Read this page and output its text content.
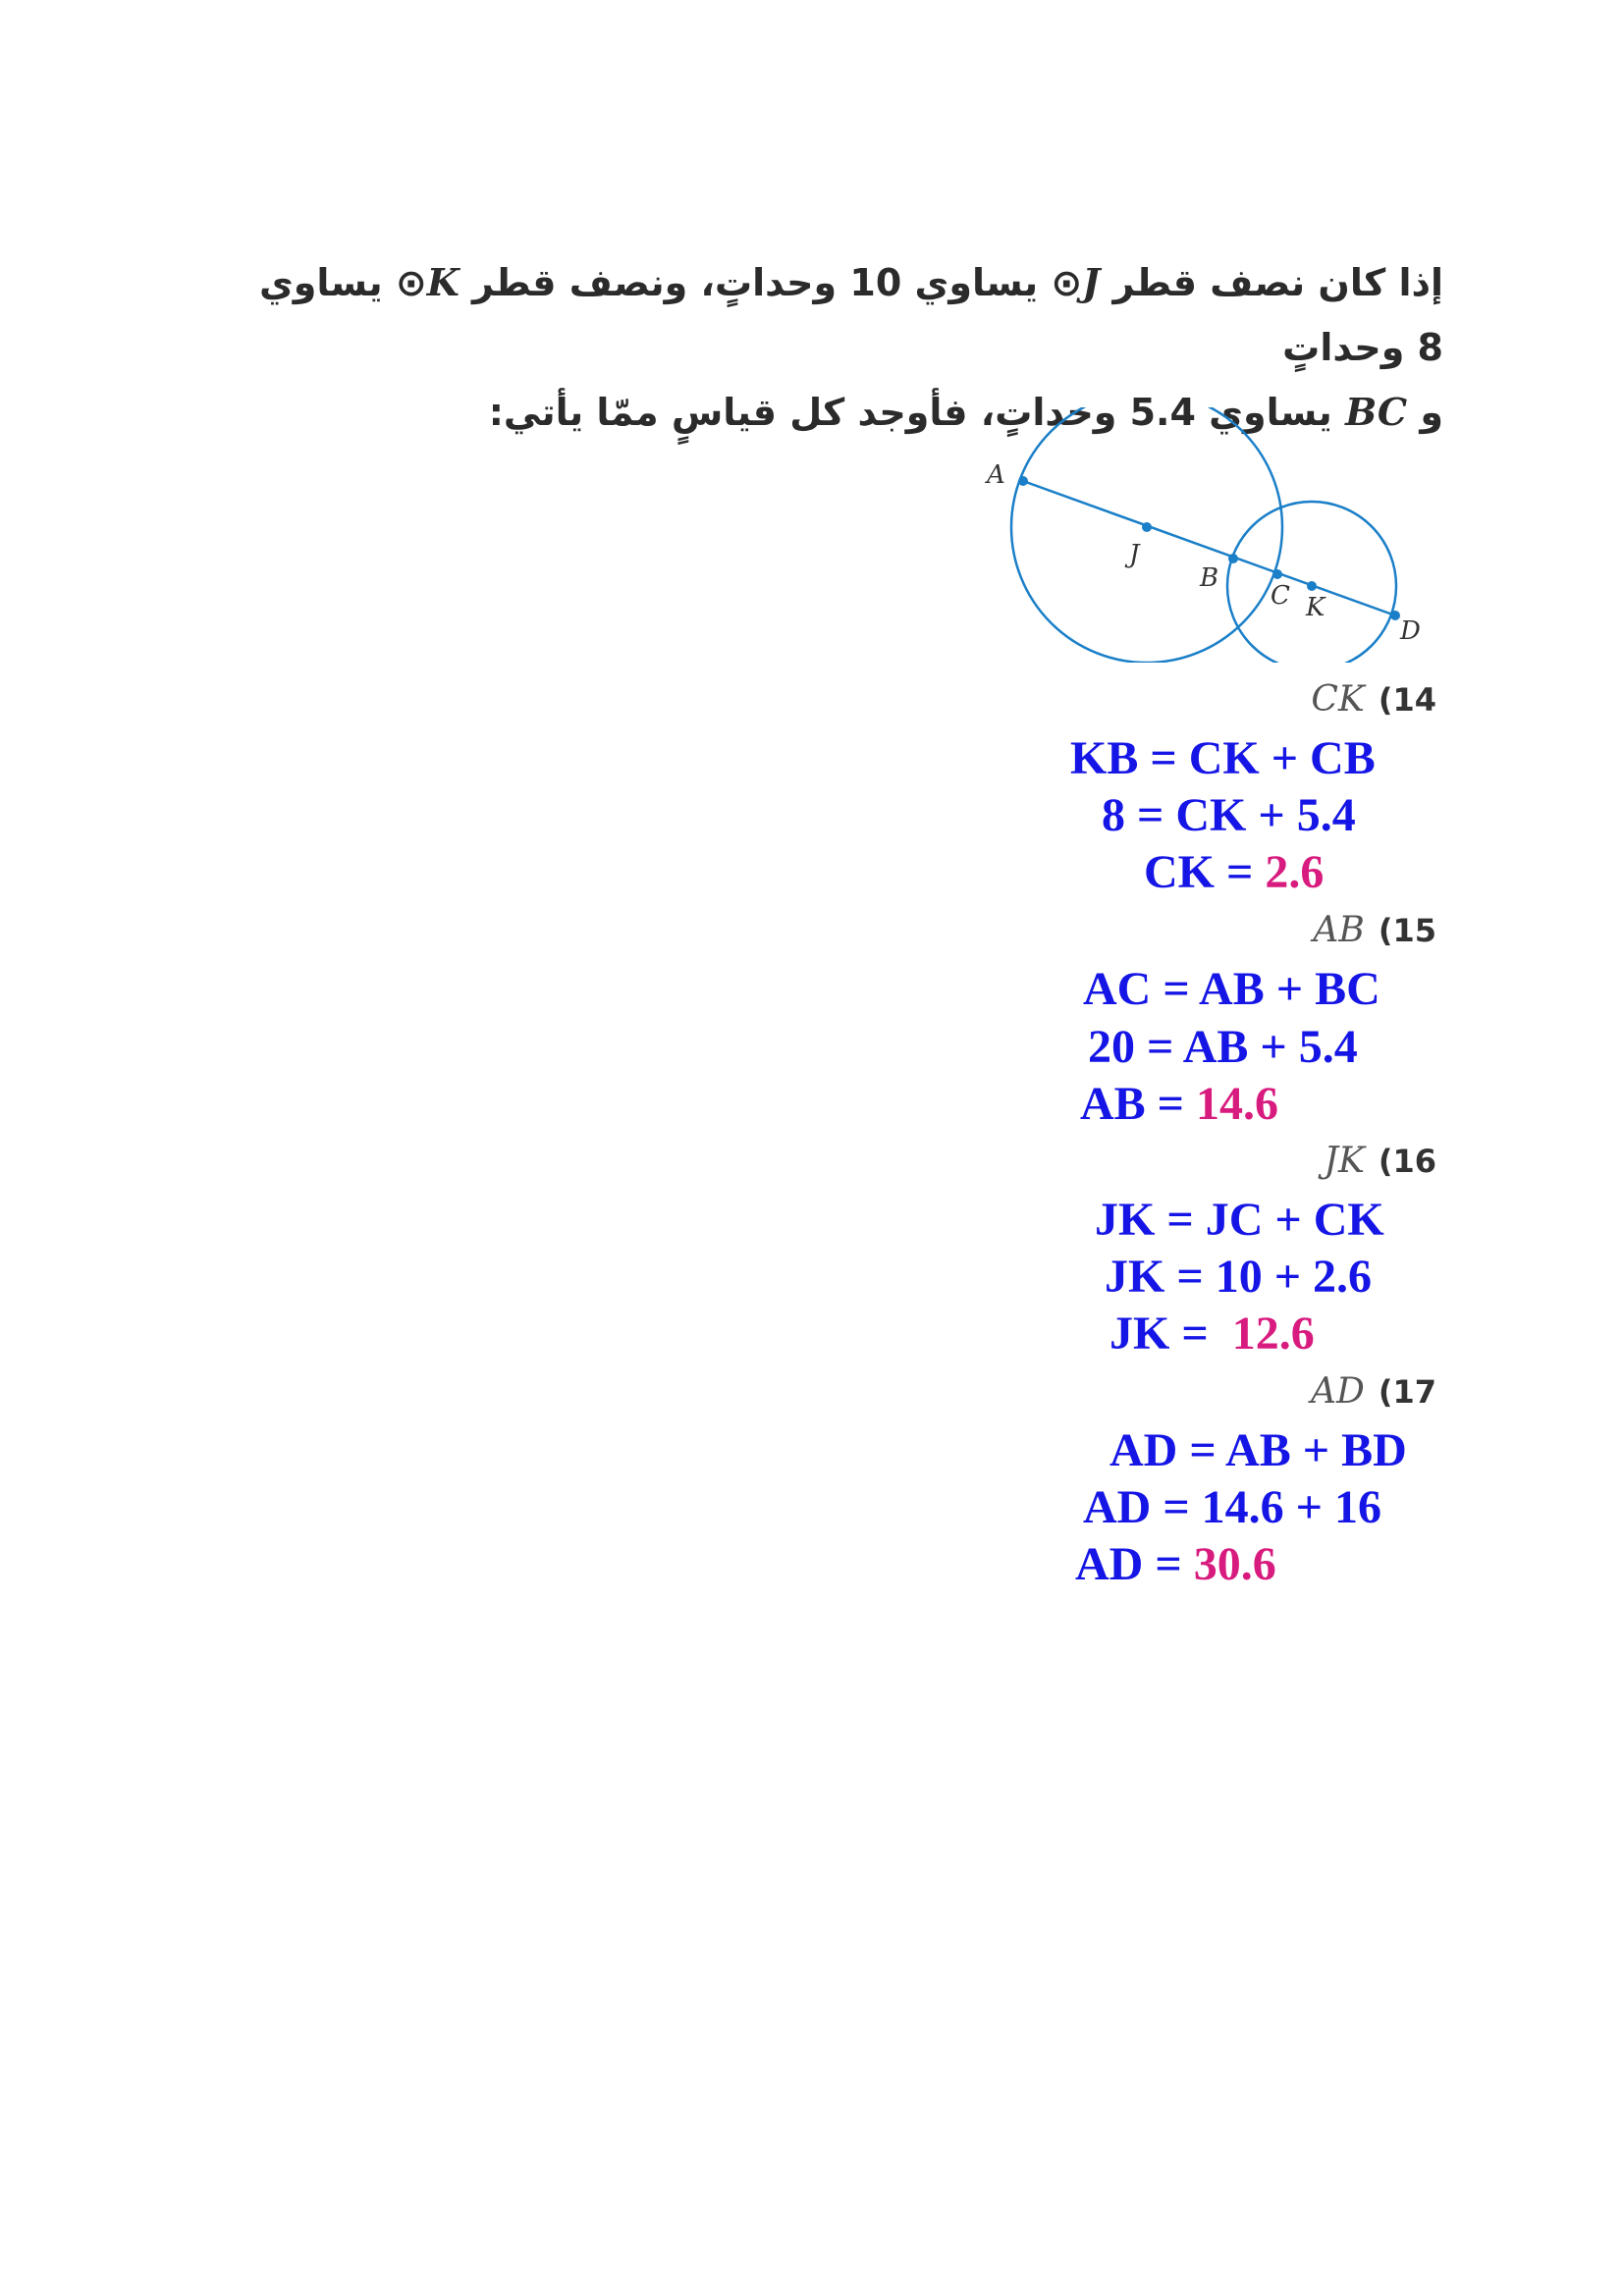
إذا كان نصف قطر J⊙ يساوي 10 وحداتٍ، ونصف قطر K⊙ يساوي 8 وحداتٍ
و BC يساوي 5.4 وحداتٍ، فأوجد كل قياسٍ ممّا يأتي:
A
J
B
C K
D
CK (14
KB = CK + CB
8 = CK + 5.4
CK = 2.6
AB (15
AC = AB + BC
20 = AB + 5.4
AB = 14.6
JK (16
JK = JC + CK
JK = 10 + 2.6
JK =  12.6
AD (17
AD = AB + BD
AD = 14.6 + 16
AD = 30.6
